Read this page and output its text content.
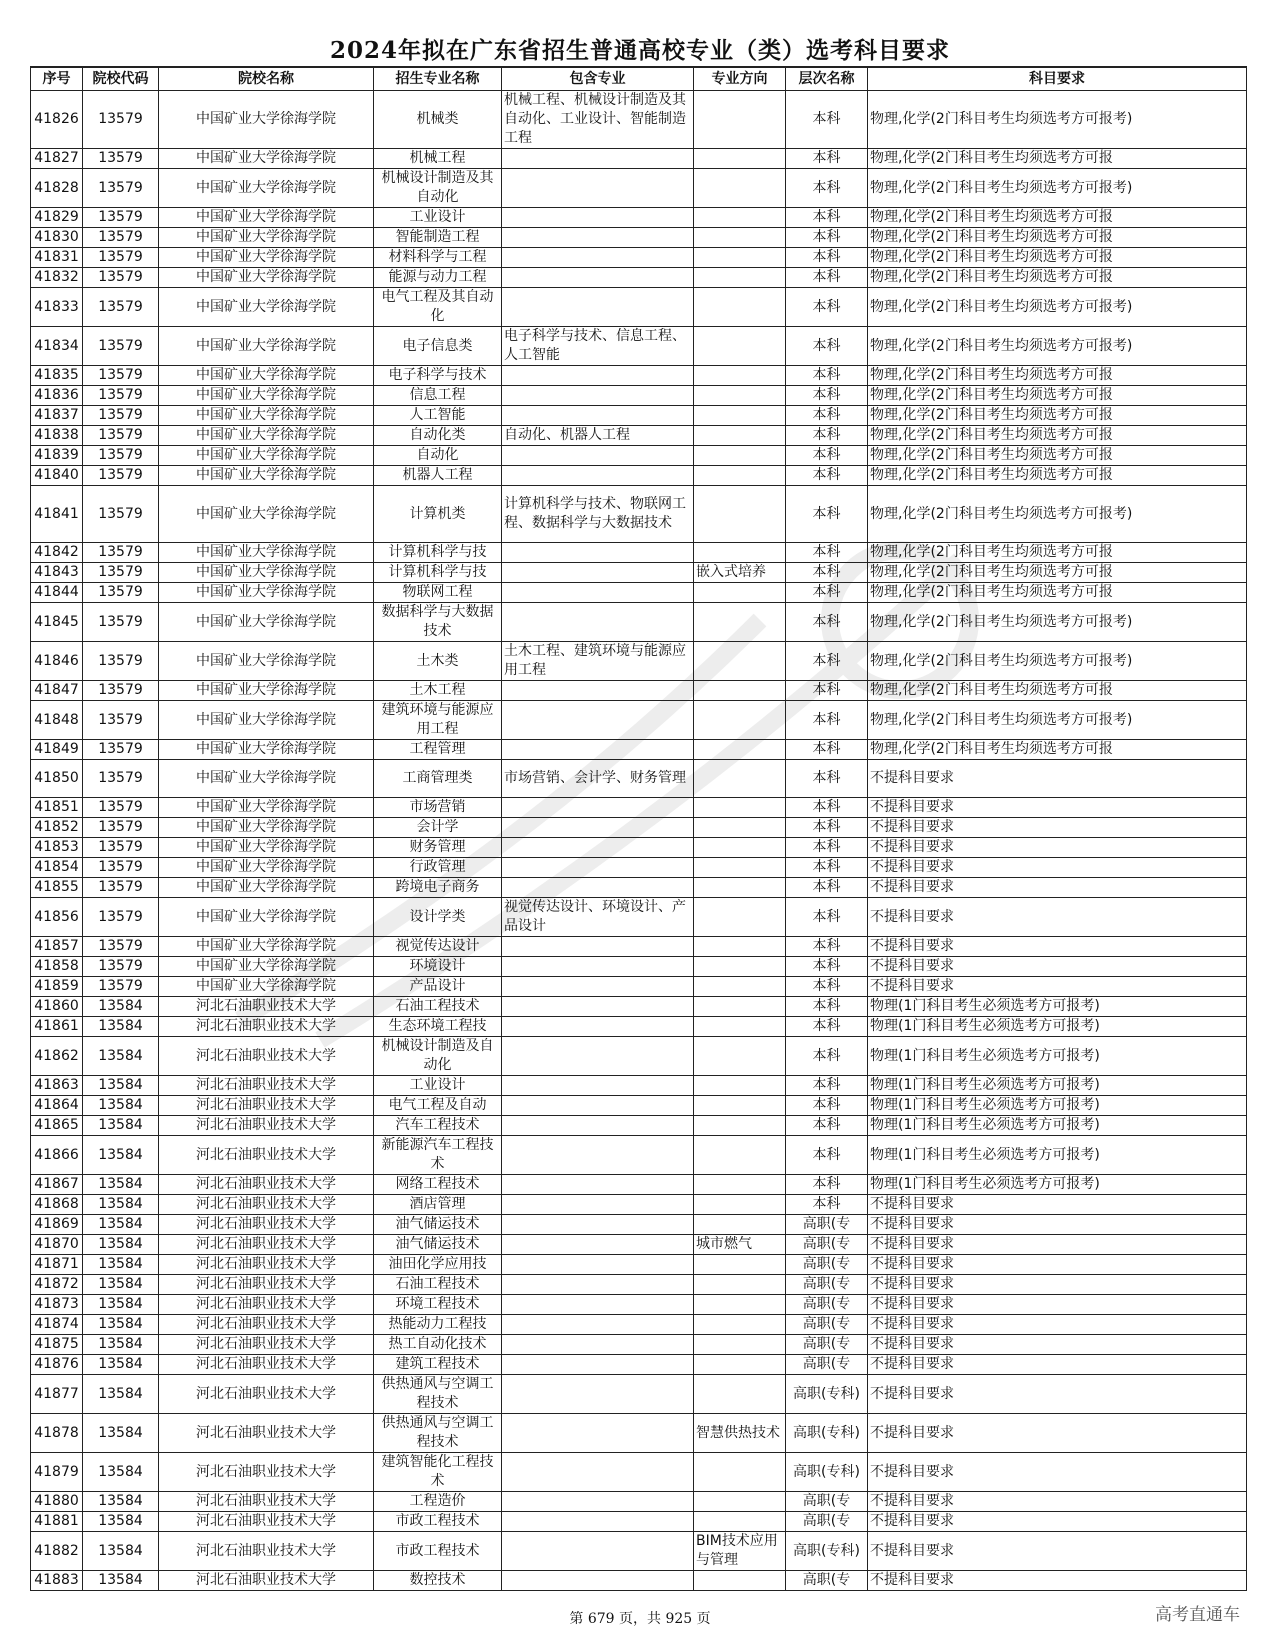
2024年拟在广东省招生普通高校专业（类）选考科目要求
序号	院校代码	院校名称	招生专业名称	包含专业	专业方向	层次名称	科目要求
41826	13579	中国矿业大学徐海学院	机械类	机械工程、机械设计制造及其自动化、工业设计、智能制造工程		本科	物理,化学(2门科目考生均须选考方可报考)
41827	13579	中国矿业大学徐海学院	机械工程			本科	物理,化学(2门科目考生均须选考方可报
41828	13579	中国矿业大学徐海学院	机械设计制造及其自动化			本科	物理,化学(2门科目考生均须选考方可报考)
41829	13579	中国矿业大学徐海学院	工业设计			本科	物理,化学(2门科目考生均须选考方可报
41830	13579	中国矿业大学徐海学院	智能制造工程			本科	物理,化学(2门科目考生均须选考方可报
41831	13579	中国矿业大学徐海学院	材料科学与工程			本科	物理,化学(2门科目考生均须选考方可报
41832	13579	中国矿业大学徐海学院	能源与动力工程			本科	物理,化学(2门科目考生均须选考方可报
41833	13579	中国矿业大学徐海学院	电气工程及其自动化			本科	物理,化学(2门科目考生均须选考方可报考)
41834	13579	中国矿业大学徐海学院	电子信息类	电子科学与技术、信息工程、人工智能		本科	物理,化学(2门科目考生均须选考方可报考)
41835	13579	中国矿业大学徐海学院	电子科学与技术			本科	物理,化学(2门科目考生均须选考方可报
41836	13579	中国矿业大学徐海学院	信息工程			本科	物理,化学(2门科目考生均须选考方可报
41837	13579	中国矿业大学徐海学院	人工智能			本科	物理,化学(2门科目考生均须选考方可报
41838	13579	中国矿业大学徐海学院	自动化类	自动化、机器人工程		本科	物理,化学(2门科目考生均须选考方可报
41839	13579	中国矿业大学徐海学院	自动化			本科	物理,化学(2门科目考生均须选考方可报
41840	13579	中国矿业大学徐海学院	机器人工程			本科	物理,化学(2门科目考生均须选考方可报
41841	13579	中国矿业大学徐海学院	计算机类	计算机科学与技术、物联网工程、数据科学与大数据技术		本科	物理,化学(2门科目考生均须选考方可报考)
41842	13579	中国矿业大学徐海学院	计算机科学与技			本科	物理,化学(2门科目考生均须选考方可报
41843	13579	中国矿业大学徐海学院	计算机科学与技		嵌入式培养	本科	物理,化学(2门科目考生均须选考方可报
41844	13579	中国矿业大学徐海学院	物联网工程			本科	物理,化学(2门科目考生均须选考方可报
41845	13579	中国矿业大学徐海学院	数据科学与大数据技术			本科	物理,化学(2门科目考生均须选考方可报考)
41846	13579	中国矿业大学徐海学院	土木类	土木工程、建筑环境与能源应用工程		本科	物理,化学(2门科目考生均须选考方可报考)
41847	13579	中国矿业大学徐海学院	土木工程			本科	物理,化学(2门科目考生均须选考方可报
41848	13579	中国矿业大学徐海学院	建筑环境与能源应用工程			本科	物理,化学(2门科目考生均须选考方可报考)
41849	13579	中国矿业大学徐海学院	工程管理			本科	物理,化学(2门科目考生均须选考方可报
41850	13579	中国矿业大学徐海学院	工商管理类	市场营销、会计学、财务管理		本科	不提科目要求
41851	13579	中国矿业大学徐海学院	市场营销			本科	不提科目要求
41852	13579	中国矿业大学徐海学院	会计学			本科	不提科目要求
41853	13579	中国矿业大学徐海学院	财务管理			本科	不提科目要求
41854	13579	中国矿业大学徐海学院	行政管理			本科	不提科目要求
41855	13579	中国矿业大学徐海学院	跨境电子商务			本科	不提科目要求
41856	13579	中国矿业大学徐海学院	设计学类	视觉传达设计、环境设计、产品设计		本科	不提科目要求
41857	13579	中国矿业大学徐海学院	视觉传达设计			本科	不提科目要求
41858	13579	中国矿业大学徐海学院	环境设计			本科	不提科目要求
41859	13579	中国矿业大学徐海学院	产品设计			本科	不提科目要求
41860	13584	河北石油职业技术大学	石油工程技术			本科	物理(1门科目考生必须选考方可报考)
41861	13584	河北石油职业技术大学	生态环境工程技			本科	物理(1门科目考生必须选考方可报考)
41862	13584	河北石油职业技术大学	机械设计制造及自动化			本科	物理(1门科目考生必须选考方可报考)
41863	13584	河北石油职业技术大学	工业设计			本科	物理(1门科目考生必须选考方可报考)
41864	13584	河北石油职业技术大学	电气工程及自动			本科	物理(1门科目考生必须选考方可报考)
41865	13584	河北石油职业技术大学	汽车工程技术			本科	物理(1门科目考生必须选考方可报考)
41866	13584	河北石油职业技术大学	新能源汽车工程技术			本科	物理(1门科目考生必须选考方可报考)
41867	13584	河北石油职业技术大学	网络工程技术			本科	物理(1门科目考生必须选考方可报考)
41868	13584	河北石油职业技术大学	酒店管理			本科	不提科目要求
41869	13584	河北石油职业技术大学	油气储运技术			高职(专	不提科目要求
41870	13584	河北石油职业技术大学	油气储运技术		城市燃气	高职(专	不提科目要求
41871	13584	河北石油职业技术大学	油田化学应用技			高职(专	不提科目要求
41872	13584	河北石油职业技术大学	石油工程技术			高职(专	不提科目要求
41873	13584	河北石油职业技术大学	环境工程技术			高职(专	不提科目要求
41874	13584	河北石油职业技术大学	热能动力工程技			高职(专	不提科目要求
41875	13584	河北石油职业技术大学	热工自动化技术			高职(专	不提科目要求
41876	13584	河北石油职业技术大学	建筑工程技术			高职(专	不提科目要求
41877	13584	河北石油职业技术大学	供热通风与空调工程技术			高职(专科)	不提科目要求
41878	13584	河北石油职业技术大学	供热通风与空调工程技术		智慧供热技术	高职(专科)	不提科目要求
41879	13584	河北石油职业技术大学	建筑智能化工程技术			高职(专科)	不提科目要求
41880	13584	河北石油职业技术大学	工程造价			高职(专	不提科目要求
41881	13584	河北石油职业技术大学	市政工程技术			高职(专	不提科目要求
41882	13584	河北石油职业技术大学	市政工程技术		BIM技术应用与管理	高职(专科)	不提科目要求
41883	13584	河北石油职业技术大学	数控技术			高职(专	不提科目要求
第 679 页，共 925 页	高考直通车
